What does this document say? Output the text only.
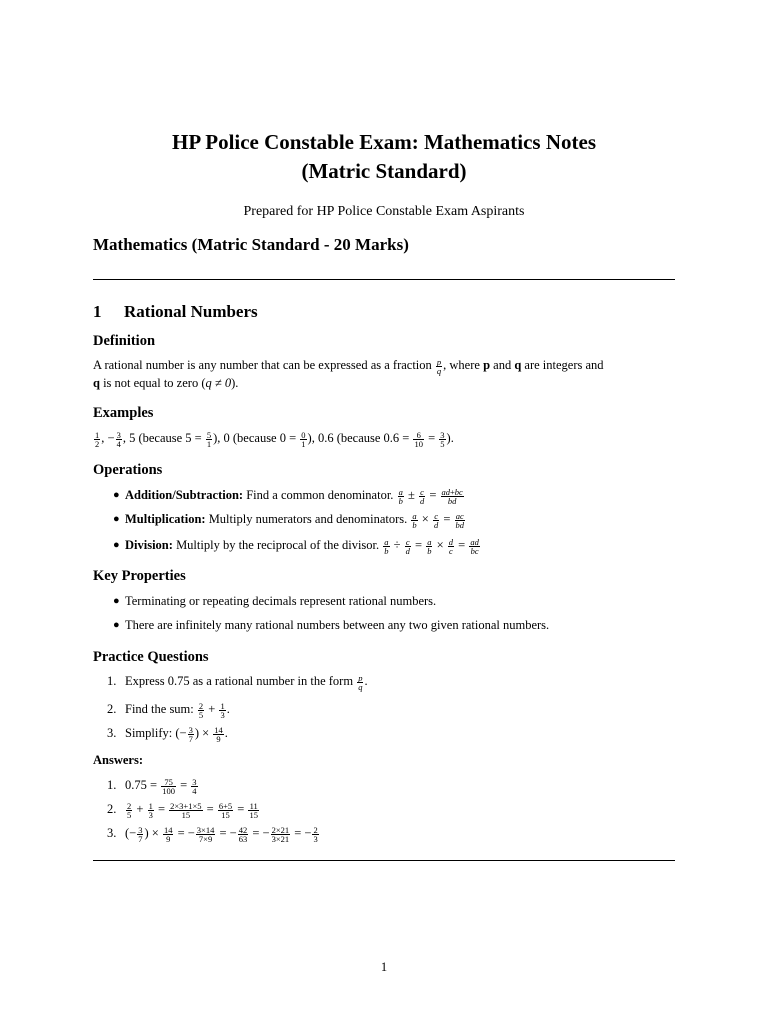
HP Police Constable Exam: Mathematics Notes
(Matric Standard)
Prepared for HP Police Constable Exam Aspirants
Mathematics (Matric Standard - 20 Marks)
1 Rational Numbers
Definition
A rational number is any number that can be expressed as a fraction $\frac{p}{q}$ , where p and q are integers and
q is not equal to zero (q ≠ 0).
Examples
$\frac{1}{2}$ , − $\frac{3}{4}$ , 5 (because $5 = \frac{5}{1}$ ), 0 (because $0 = \frac{0}{1}$ ), 0.6 (because $0.6 = \frac{6}{10} = \frac{3}{5}$ ).
Operations
● Addition/Subtraction: Find a common denominator. $\frac{a}{b} \pm \frac{c}{d} = \frac{ad+bc}{bd}$
● Multiplication: Multiply numerators and denominators. $\frac{a}{b} \times \frac{c}{d} = \frac{ac}{bd}$
● Division: Multiply by the reciprocal of the divisor. $\frac{a}{b} \div \frac{c}{d} = \frac{a}{b} \times \frac{d}{c} = \frac{ad}{bc}$
Key Properties
● Terminating or repeating decimals represent rational numbers.
● There are infinitely many rational numbers between any two given rational numbers.
Practice Questions
1. Express 0.75 as a rational number in the form $\frac{p}{q}$ .
2. Find the sum: $\frac{2}{5} + \frac{1}{3}$ .
3. Simplify: (− $\frac{3}{7}$ ) × $\frac{14}{9}$ .
Answers:
1. $0.75 = \frac{75}{100} = \frac{3}{4}$
2. $\frac{2}{5} + \frac{1}{3} = \frac{2\times 3+1\times 5}{15} = \frac{6+5}{15} = \frac{11}{15}$
3. (− $\frac{3}{7}$ ) × $\frac{14}{9}$ = − $\frac{3\times 14}{7\times 9}$ = − $\frac{42}{63}$ = − $\frac{2\times 21}{3\times 21}$ = − $\frac{2}{3}$
1
